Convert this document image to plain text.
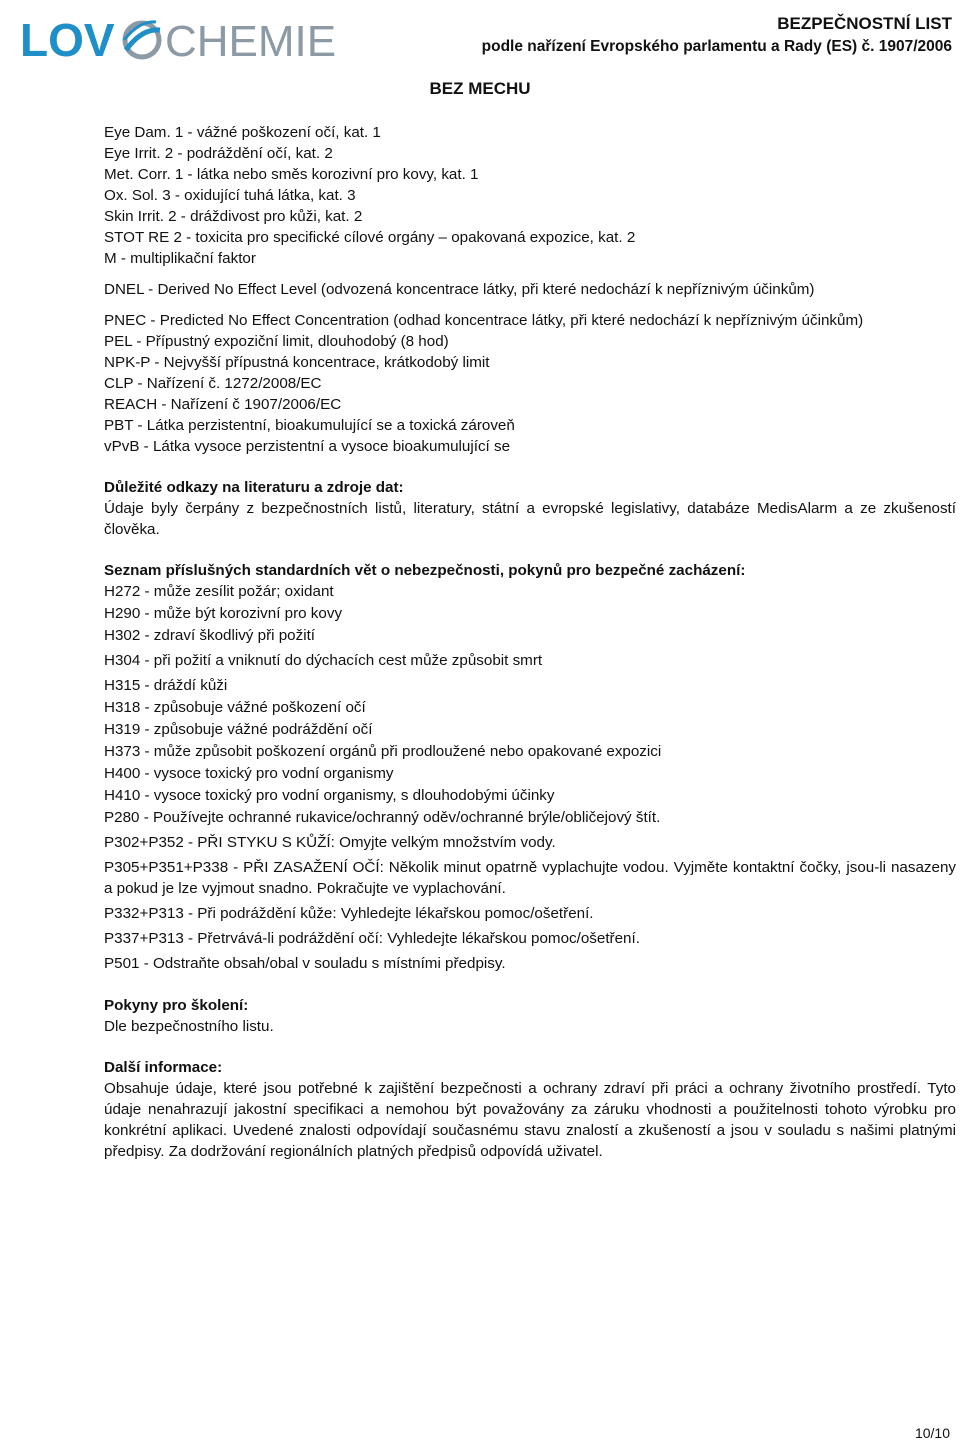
LOV CHEMIE	BEZPEČNOSTNÍ LIST
podle nařízení Evropského parlamentu a Rady (ES) č. 1907/2006
BEZ MECHU
Eye Dam. 1 - vážné poškození očí, kat. 1
Eye Irrit. 2 - podráždění očí, kat. 2
Met. Corr. 1 - látka nebo směs korozivní pro kovy, kat. 1
Ox. Sol. 3 - oxidující tuhá látka, kat. 3
Skin Irrit. 2 - dráždivost pro kůži, kat. 2
STOT RE 2 - toxicita pro specifické cílové orgány – opakovaná expozice, kat. 2
M - multiplikační faktor
DNEL - Derived No Effect Level (odvozená koncentrace látky, při které nedochází k nepříznivým účinkům)
PNEC - Predicted No Effect Concentration (odhad koncentrace látky, při které nedochází k nepříznivým účinkům)
PEL - Přípustný expoziční limit, dlouhodobý (8 hod)
NPK-P - Nejvyšší přípustná koncentrace, krátkodobý limit
CLP - Nařízení č. 1272/2008/EC
REACH - Nařízení č 1907/2006/EC
PBT - Látka perzistentní, bioakumulující se a toxická zároveň
vPvB - Látka vysoce perzistentní a vysoce bioakumulující se
Důležité odkazy na literaturu a zdroje dat:
Údaje byly čerpány z bezpečnostních listů, literatury, státní a evropské legislativy, databáze MedisAlarm a ze zkušeností člověka.
Seznam příslušných standardních vět o nebezpečnosti, pokynů pro bezpečné zacházení:
H272 - může zesílit požár; oxidant
H290 - může být korozivní pro kovy
H302 - zdraví škodlivý při požití
H304 - při požití a vniknutí do dýchacích cest může způsobit smrt
H315 - dráždí kůži
H318 - způsobuje vážné poškození očí
H319 - způsobuje vážné podráždění očí
H373 - může způsobit poškození orgánů při prodloužené nebo opakované expozici
H400 - vysoce toxický pro vodní organismy
H410 - vysoce toxický pro vodní organismy, s dlouhodobými účinky
P280 - Používejte ochranné rukavice/ochranný oděv/ochranné brýle/obličejový štít.
P302+P352 - PŘI STYKU S KŮŽÍ: Omyjte velkým množstvím vody.
P305+P351+P338 - PŘI ZASAŽENÍ OČÍ: Několik minut opatrně vyplachujte vodou. Vyjměte kontaktní čočky, jsou-li nasazeny a pokud je lze vyjmout snadno. Pokračujte ve vyplachování.
P332+P313 - Při podráždění kůže: Vyhledejte lékařskou pomoc/ošetření.
P337+P313 - Přetrvává-li podráždění očí: Vyhledejte lékařskou pomoc/ošetření.
P501 - Odstraňte obsah/obal v souladu s místními předpisy.
Pokyny pro školení:
Dle bezpečnostního listu.
Další informace:
Obsahuje údaje, které jsou potřebné k zajištění bezpečnosti a ochrany zdraví při práci a ochrany životního prostředí. Tyto údaje nenahrazují jakostní specifikaci a nemohou být považovány za záruku vhodnosti a použitelnosti tohoto výrobku pro konkrétní aplikaci. Uvedené znalosti odpovídají současnému stavu znalostí a zkušeností a jsou v souladu s našimi platnými předpisy. Za dodržování regionálních platných předpisů odpovídá uživatel.
10/10
